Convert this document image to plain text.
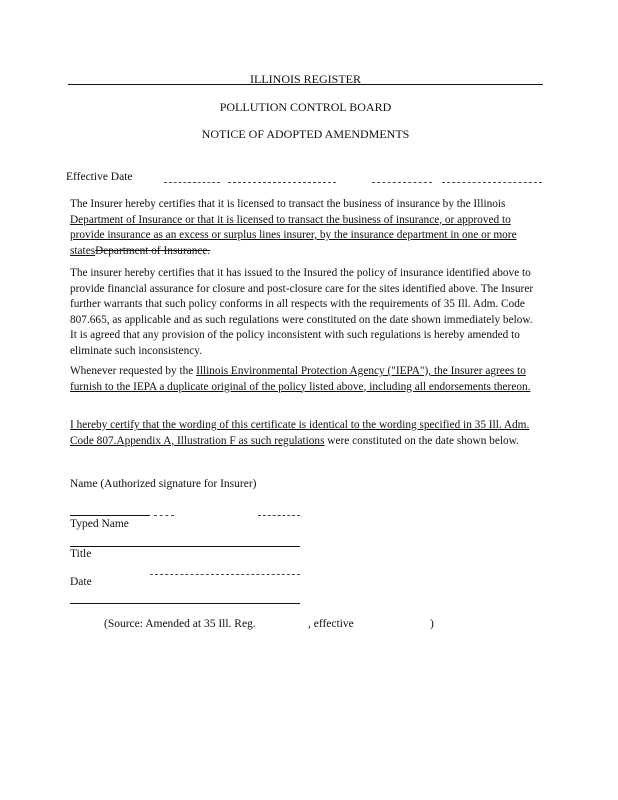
ILLINOIS REGISTER
POLLUTION CONTROL BOARD
NOTICE OF ADOPTED AMENDMENTS
Effective Date
The Insurer hereby certifies that it is licensed to transact the business of insurance by the Illinois Department of Insurance or that it is licensed to transact the business of insurance, or approved to provide insurance as an excess or surplus lines insurer, by the insurance department in one or more statesDepartment of Insurance.
The insurer hereby certifies that it has issued to the Insured the policy of insurance identified above to provide financial assurance for closure and post-closure care for the sites identified above. The Insurer further warrants that such policy conforms in all respects with the requirements of 35 Ill. Adm. Code 807.665, as applicable and as such regulations were constituted on the date shown immediately below. It is agreed that any provision of the policy inconsistent with such regulations is hereby amended to eliminate such inconsistency.
Whenever requested by the Illinois Environmental Protection Agency ("IEPA"), the Insurer agrees to furnish to the IEPA a duplicate original of the policy listed above, including all endorsements thereon.
I hereby certify that the wording of this certificate is identical to the wording specified in 35 Ill. Adm. Code 807.Appendix A, Illustration F as such regulations were constituted on the date shown below.
Name (Authorized signature for Insurer)
Typed Name
Title
Date
(Source: Amended at 35 Ill. Reg.	, effective	)
